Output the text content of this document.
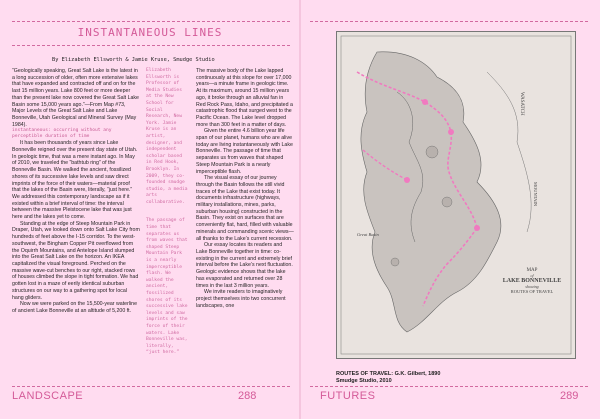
INSTANTANEOUS LINES
By Elizabeth Ellsworth & Jamie Kruse, Smudge Studio

“Geologically speaking, Great Salt Lake is the latest in a long succession of older, often more extensive lakes that have expanded and contracted off and on for the last 15 million years. Lake 800 feet or more deeper than the present lake now covered the Great Salt Lake Basin some 15,000 years ago.”—From Map #73, Major Levels of the Great Salt Lake and Lake Bonneville, Utah Geological and Mineral Survey (May 1984).

instantaneous: occurring without any perceptible duration of time

It has been thousands of years since Lake Bonneville reigned over the present day state of Utah. In geologic time, that was a mere instant ago. In May of 2010, we traveled the “bathtub ring” of the Bonneville Basin. We walked the ancient, fossilized shores of its successive lake levels and saw direct imprints of the force of their waters—material proof that the lakes of the Basin were, literally, “just here.” We addressed this contemporary landscape as if it existed within a brief interval of time: the interval between the massive Pleistocene lake that was just here and the lakes yet to come.

Standing at the edge of Steep Mountain Park in Draper, Utah, we looked down onto Salt Lake City from hundreds of feet above the I-15 corridor. To the west-southwest, the Bingham Copper Pit overflowed from the Oquirrh Mountains, and Antelope Island slumped into the Great Salt Lake on the horizon. An IKEA capitalized the visual foreground. Perched on the massive wave-cut benches to our right, stacked rows of houses climbed the slope in tight formation. We had gotten lost in a maze of eerily identical suburban structures on our way to a gathering spot for local hang gliders.

Now we were parked on the 15,500-year waterline of ancient Lake Bonneville at an altitude of 5,200 ft.

Elizabeth Ellsworth is Professor of Media Studies at the New School for Social Research, New York. Jamie Kruse is an artist, designer, and independent scholar based in Red Hook, Brooklyn. In 2009, they co-founded smudge studio, a media arts collaborative.

The passage of time that separates us from waves that shaped Steep Mountain Park is a nearly imperceptible flash. We walked the ancient, fossilized shores of its successive lake levels and saw imprints of the force of their waters. Lake Bonneville was, literally, “just here.”

The massive body of the Lake lapped continuously at this slope for over 17,000 years—a minute frame in geologic time. At its maximum, around 15 million years ago, it broke through an alluvial fan in Red Rock Pass, Idaho, and precipitated a catastrophic flood that surged west to the Pacific Ocean. The Lake level dropped more than 300 feet in a matter of days.

Given the entire 4.6 billion year life span of our planet, humans who are alive today are living instantaneously with Lake Bonneville. The passage of time that separates us from waves that shaped Steep Mountain Park is a nearly imperceptible flash.

The visual essay of our journey through the Basin follows the still vivid traces of the Lake that exist today. It documents infrastructure (highways, military installations, mines, parks, suburban housing) constructed in the Basin. They exist on surfaces that are conveniently flat, hard, filled with valuable minerals and commanding scenic views—all thanks to the Lake’s current recession.

Our essay locates its readers and Lake Bonneville together in time: co-existing in the current and extremely brief interval before the Lake’s next fluctuation. Geologic evidence shows that the lake has evaporated and returned over 28 times in the last 3 million years.

We invite readers to imaginatively project themselves into two concurrent landscapes, one

LANDSCAPE	288
WASATCH
Great Basin
MOUNTAIN
MAP
of
LAKE BONNEVILLE
showing
ROUTES OF TRAVEL
ROUTES OF TRAVEL: G.K. Gilbert, 1890
Smudge Studio, 2010
FUTURES	289
